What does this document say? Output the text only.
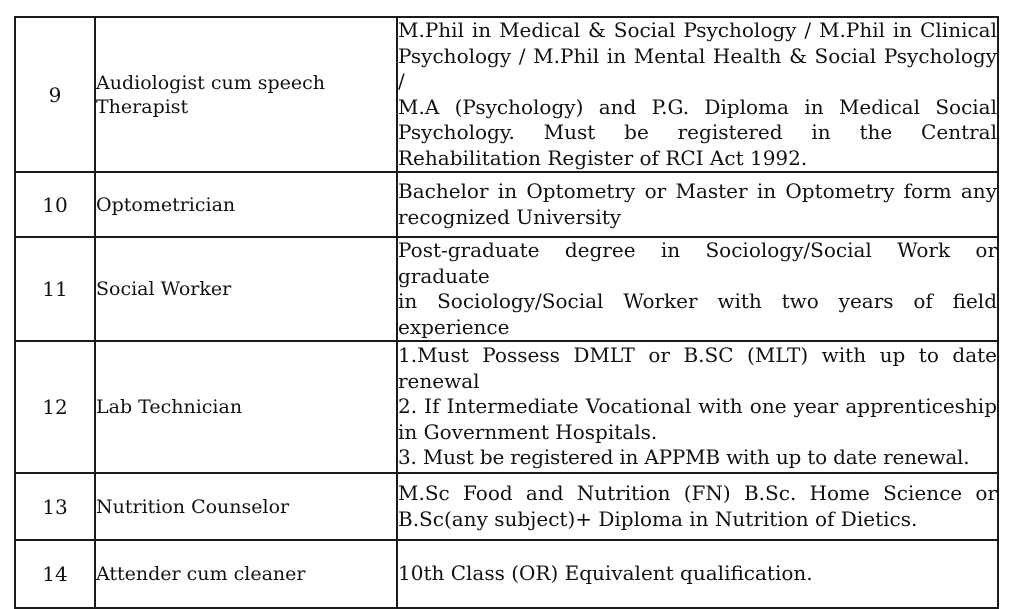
9	Audiologist cum speech Therapist	M.Phil in Medical & Social Psychology / M.Phil in Clinical
Psychology / M.Phil in Mental Health & Social Psychology /
M.A (Psychology) and P.G. Diploma in Medical Social
Psychology. Must be registered in the Central
Rehabilitation Register of RCI Act 1992.

10	Optometrician	Bachelor in Optometry or Master in Optometry form any
recognized University

11	Social Worker	Post-graduate degree in Sociology/Social Work or graduate
in Sociology/Social Worker with two years of field
experience

12	Lab Technician	1.Must Possess DMLT or B.SC (MLT) with up to date
renewal
2. If Intermediate Vocational with one year apprenticeship
in Government Hospitals.
3. Must be registered in APPMB with up to date renewal.

13	Nutrition Counselor	M.Sc Food and Nutrition (FN) B.Sc. Home Science or
B.Sc(any subject)+ Diploma in Nutrition of Dietics.

14	Attender cum cleaner	10th Class (OR) Equivalent qualification.
